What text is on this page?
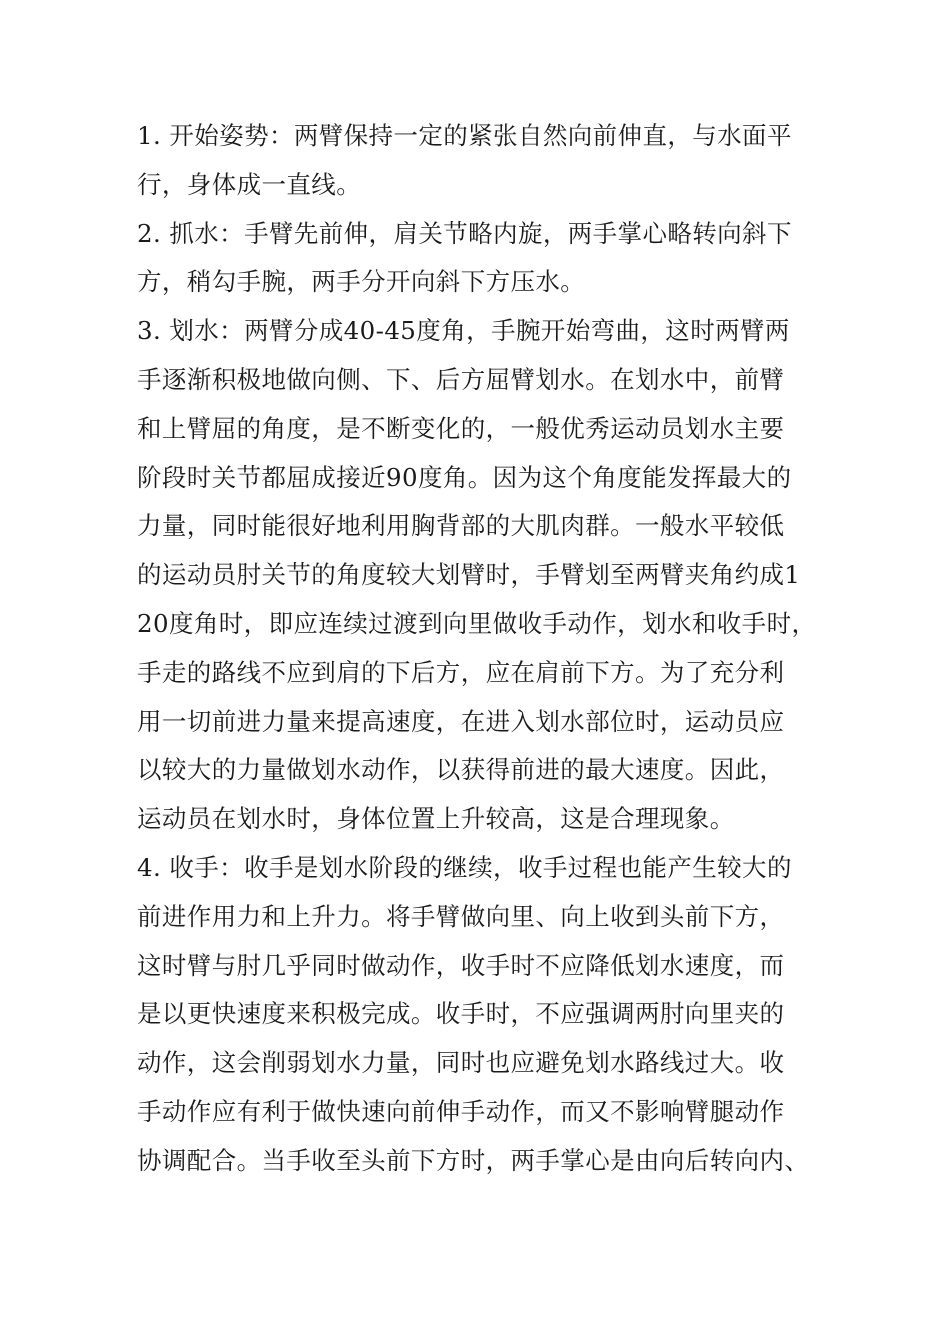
1. 开始姿势：两臂保持一定的紧张自然向前伸直，与水面平
行，身体成一直线。
2. 抓水：手臂先前伸，肩关节略内旋，两手掌心略转向斜下
方，稍勾手腕，两手分开向斜下方压水。
3. 划水：两臂分成40-45度角，手腕开始弯曲，这时两臂两
手逐渐积极地做向侧、下、后方屈臂划水。在划水中，前臂
和上臂屈的角度，是不断变化的，一般优秀运动员划水主要
阶段时关节都屈成接近90度角。因为这个角度能发挥最大的
力量，同时能很好地利用胸背部的大肌肉群。一般水平较低
的运动员肘关节的角度较大划臂时，手臂划至两臂夹角约成1
20度角时，即应连续过渡到向里做收手动作，划水和收手时，
手走的路线不应到肩的下后方，应在肩前下方。为了充分利
用一切前进力量来提高速度，在进入划水部位时，运动员应
以较大的力量做划水动作，以获得前进的最大速度。因此，
运动员在划水时，身体位置上升较高，这是合理现象。
4. 收手：收手是划水阶段的继续，收手过程也能产生较大的
前进作用力和上升力。将手臂做向里、向上收到头前下方，
这时臂与肘几乎同时做动作，收手时不应降低划水速度，而
是以更快速度来积极完成。收手时，不应强调两肘向里夹的
动作，这会削弱划水力量，同时也应避免划水路线过大。收
手动作应有利于做快速向前伸手动作，而又不影响臂腿动作
协调配合。当手收至头前下方时，两手掌心是由向后转向内、
